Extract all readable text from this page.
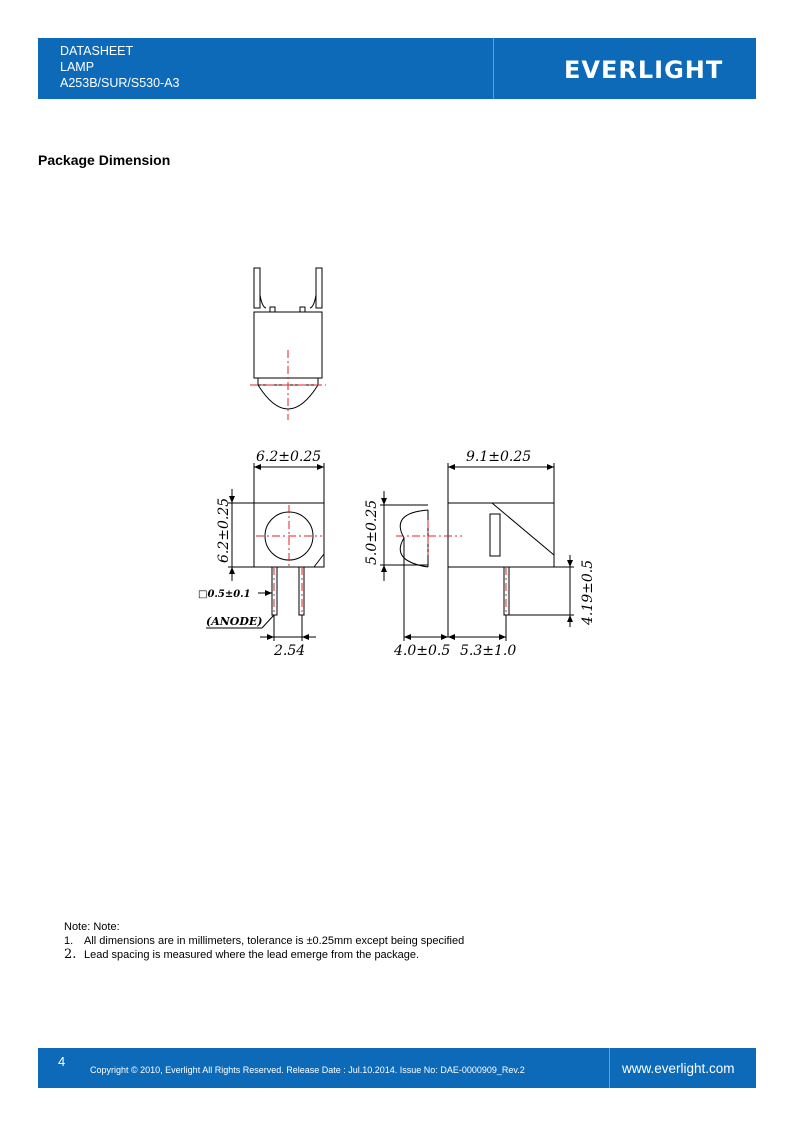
DATASHEET
LAMP
A253B/SUR/S530-A3	EVERLIGHT
Package Dimension
6.2±0.25
6.2±0.25
□0.5±0.1
(ANODE)
2.54
9.1±0.25
5.0±0.25
4.19±0.5
4.0±0.5 5.3±1.0
Note: Note:
1. All dimensions are in millimeters, tolerance is ±0.25mm except being specified
2. Lead spacing is measured where the lead emerge from the package.
4
Copyright © 2010, Everlight All Rights Reserved. Release Date : Jul.10.2014. Issue No: DAE-0000909_Rev.2	www.everlight.com
